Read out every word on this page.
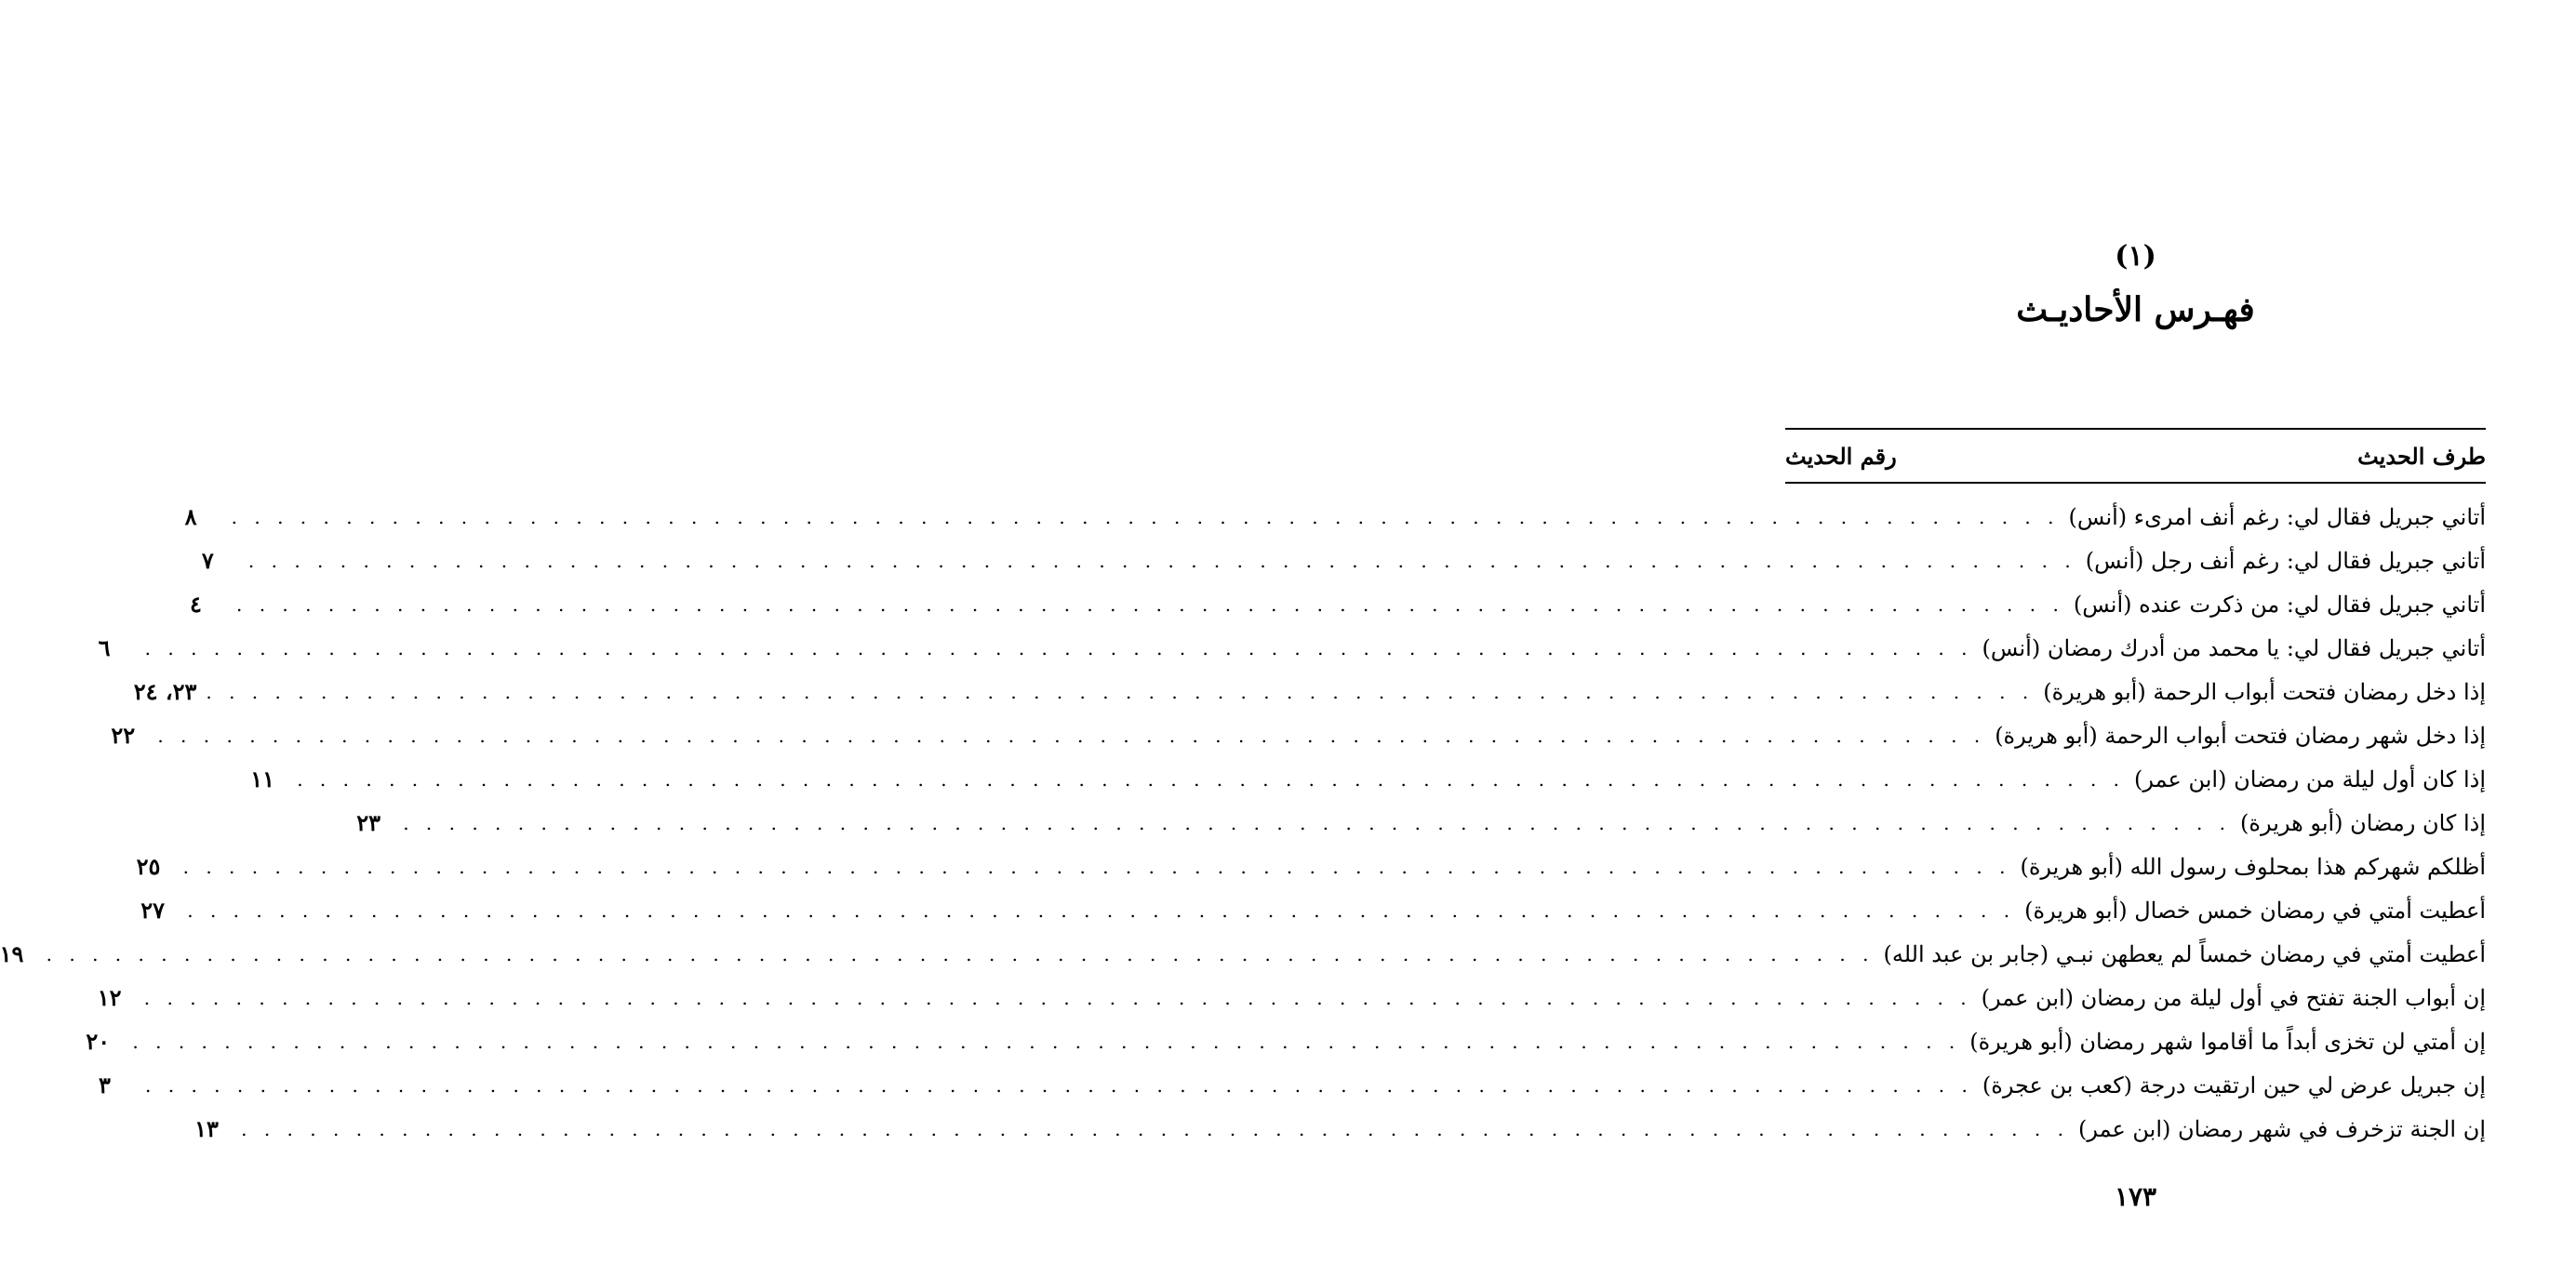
(١)
فهـرس الأحاديـث
طرف الحديث
رقم الحديث
أتاني جبريل فقال لي: رغم أنف امرىء (أنس)
. . . . . . . . . . . . . . . . . . . . . . . . . . . . . . . . . . . . . . . . . . . . . . . . . . . . . . . . . . . . . . . . . . . . . . . . . . . . . . . .
٨
أتاني جبريل فقال لي: رغم أنف رجل (أنس)
. . . . . . . . . . . . . . . . . . . . . . . . . . . . . . . . . . . . . . . . . . . . . . . . . . . . . . . . . . . . . . . . . . . . . . . . . . . . . . . .
٧
أتاني جبريل فقال لي: من ذكرت عنده (أنس)
. . . . . . . . . . . . . . . . . . . . . . . . . . . . . . . . . . . . . . . . . . . . . . . . . . . . . . . . . . . . . . . . . . . . . . . . . . . . . . . .
٤
أتاني جبريل فقال لي: يا محمد من أدرك رمضان (أنس)
. . . . . . . . . . . . . . . . . . . . . . . . . . . . . . . . . . . . . . . . . . . . . . . . . . . . . . . . . . . . . . . . . . . . . . . . . . . . . . . .
٦
إذا دخل رمضان فتحت أبواب الرحمة (أبو هريرة)
. . . . . . . . . . . . . . . . . . . . . . . . . . . . . . . . . . . . . . . . . . . . . . . . . . . . . . . . . . . . . . . . . . . . . . . . . . . . . . . .
٢٣، ٢٤
إذا دخل شهر رمضان فتحت أبواب الرحمة (أبو هريرة)
. . . . . . . . . . . . . . . . . . . . . . . . . . . . . . . . . . . . . . . . . . . . . . . . . . . . . . . . . . . . . . . . . . . . . . . . . . . . . . . .
٢٢
إذا كان أول ليلة من رمضان (ابن عمر)
. . . . . . . . . . . . . . . . . . . . . . . . . . . . . . . . . . . . . . . . . . . . . . . . . . . . . . . . . . . . . . . . . . . . . . . . . . . . . . . .
١١
إذا كان رمضان (أبو هريرة)
. . . . . . . . . . . . . . . . . . . . . . . . . . . . . . . . . . . . . . . . . . . . . . . . . . . . . . . . . . . . . . . . . . . . . . . . . . . . . . . .
٢٣
أظلكم شهركم هذا بمحلوف رسول الله (أبو هريرة)
. . . . . . . . . . . . . . . . . . . . . . . . . . . . . . . . . . . . . . . . . . . . . . . . . . . . . . . . . . . . . . . . . . . . . . . . . . . . . . . .
٢٥
أعطيت أمتي في رمضان خمس خصال (أبو هريرة)
. . . . . . . . . . . . . . . . . . . . . . . . . . . . . . . . . . . . . . . . . . . . . . . . . . . . . . . . . . . . . . . . . . . . . . . . . . . . . . . .
٢٧
أعطيت أمتي في رمضان خمساً لم يعطهن نبـي (جابر بن عبد الله)
. . . . . . . . . . . . . . . . . . . . . . . . . . . . . . . . . . . . . . . . . . . . . . . . . . . . . . . . . . . . . . . . . . . . . . . . . . . . . . . .
١٩
إن أبواب الجنة تفتح في أول ليلة من رمضان (ابن عمر)
. . . . . . . . . . . . . . . . . . . . . . . . . . . . . . . . . . . . . . . . . . . . . . . . . . . . . . . . . . . . . . . . . . . . . . . . . . . . . . . .
١٢
إن أمتي لن تخزى أبداً ما أقاموا شهر رمضان (أبو هريرة)
. . . . . . . . . . . . . . . . . . . . . . . . . . . . . . . . . . . . . . . . . . . . . . . . . . . . . . . . . . . . . . . . . . . . . . . . . . . . . . . .
٢٠
إن جبريل عرض لي حين ارتقيت درجة (كعب بن عجرة)
. . . . . . . . . . . . . . . . . . . . . . . . . . . . . . . . . . . . . . . . . . . . . . . . . . . . . . . . . . . . . . . . . . . . . . . . . . . . . . . .
٣
إن الجنة تزخرف في شهر رمضان (ابن عمر)
. . . . . . . . . . . . . . . . . . . . . . . . . . . . . . . . . . . . . . . . . . . . . . . . . . . . . . . . . . . . . . . . . . . . . . . . . . . . . . . .
١٣
١٧٣
